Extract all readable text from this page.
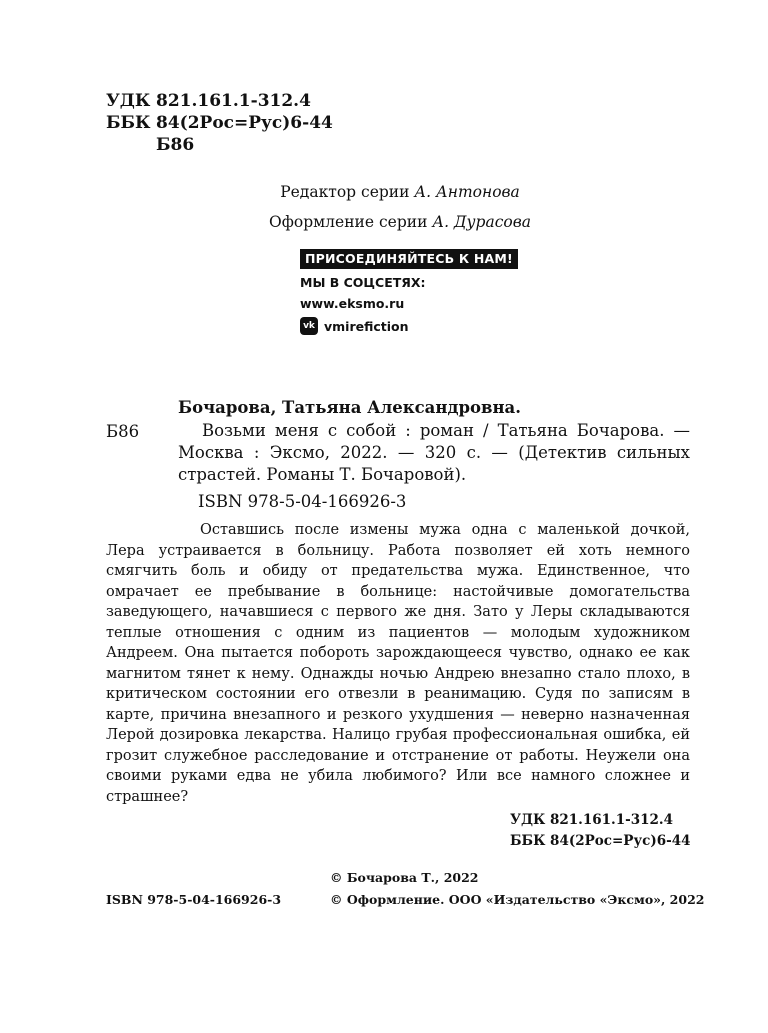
УДК 821.161.1-312.4
ББК 84(2Рос=Рус)6-44
Б86
Редактор серии А. Антонова
Оформление серии А. Дурасова
ПРИСОЕДИНЯЙТЕСЬ К НАМ!
МЫ В СОЦСЕТЯХ:
www.eksmo.ru
vk vmirefiction
Бочарова, Татьяна Александровна.
Б86	Возьми меня с собой : роман / Татьяна Бочарова. — Москва : Эксмо, 2022. — 320 с. — (Детектив сильных страстей. Романы Т. Бочаровой).
ISBN 978-5-04-166926-3
Оставшись после измены мужа одна с маленькой дочкой, Лера устраивается в больницу. Работа позволяет ей хоть немного смягчить боль и обиду от предательства мужа. Единственное, что омрачает ее пребывание в больнице: настойчивые домогательства заведующего, начавшиеся с первого же дня. Зато у Леры складываются теплые отношения с одним из пациентов — молодым художником Андреем. Она пытается побороть зарождающееся чувство, однако ее как магнитом тянет к нему. Однажды ночью Андрею внезапно стало плохо, в критическом состоянии его отвезли в реанимацию. Судя по записям в карте, причина внезапного и резкого ухудшения — неверно назначенная Лерой дозировка лекарства. Налицо грубая профессиональная ошибка, ей грозит служебное расследование и отстранение от работы. Неужели она своими руками едва не убила любимого? Или все намного сложнее и страшнее?
УДК 821.161.1-312.4
ББК 84(2Рос=Рус)6-44
© Бочарова Т., 2022
ISBN 978-5-04-166926-3	© Оформление. ООО «Издательство «Эксмо», 2022
